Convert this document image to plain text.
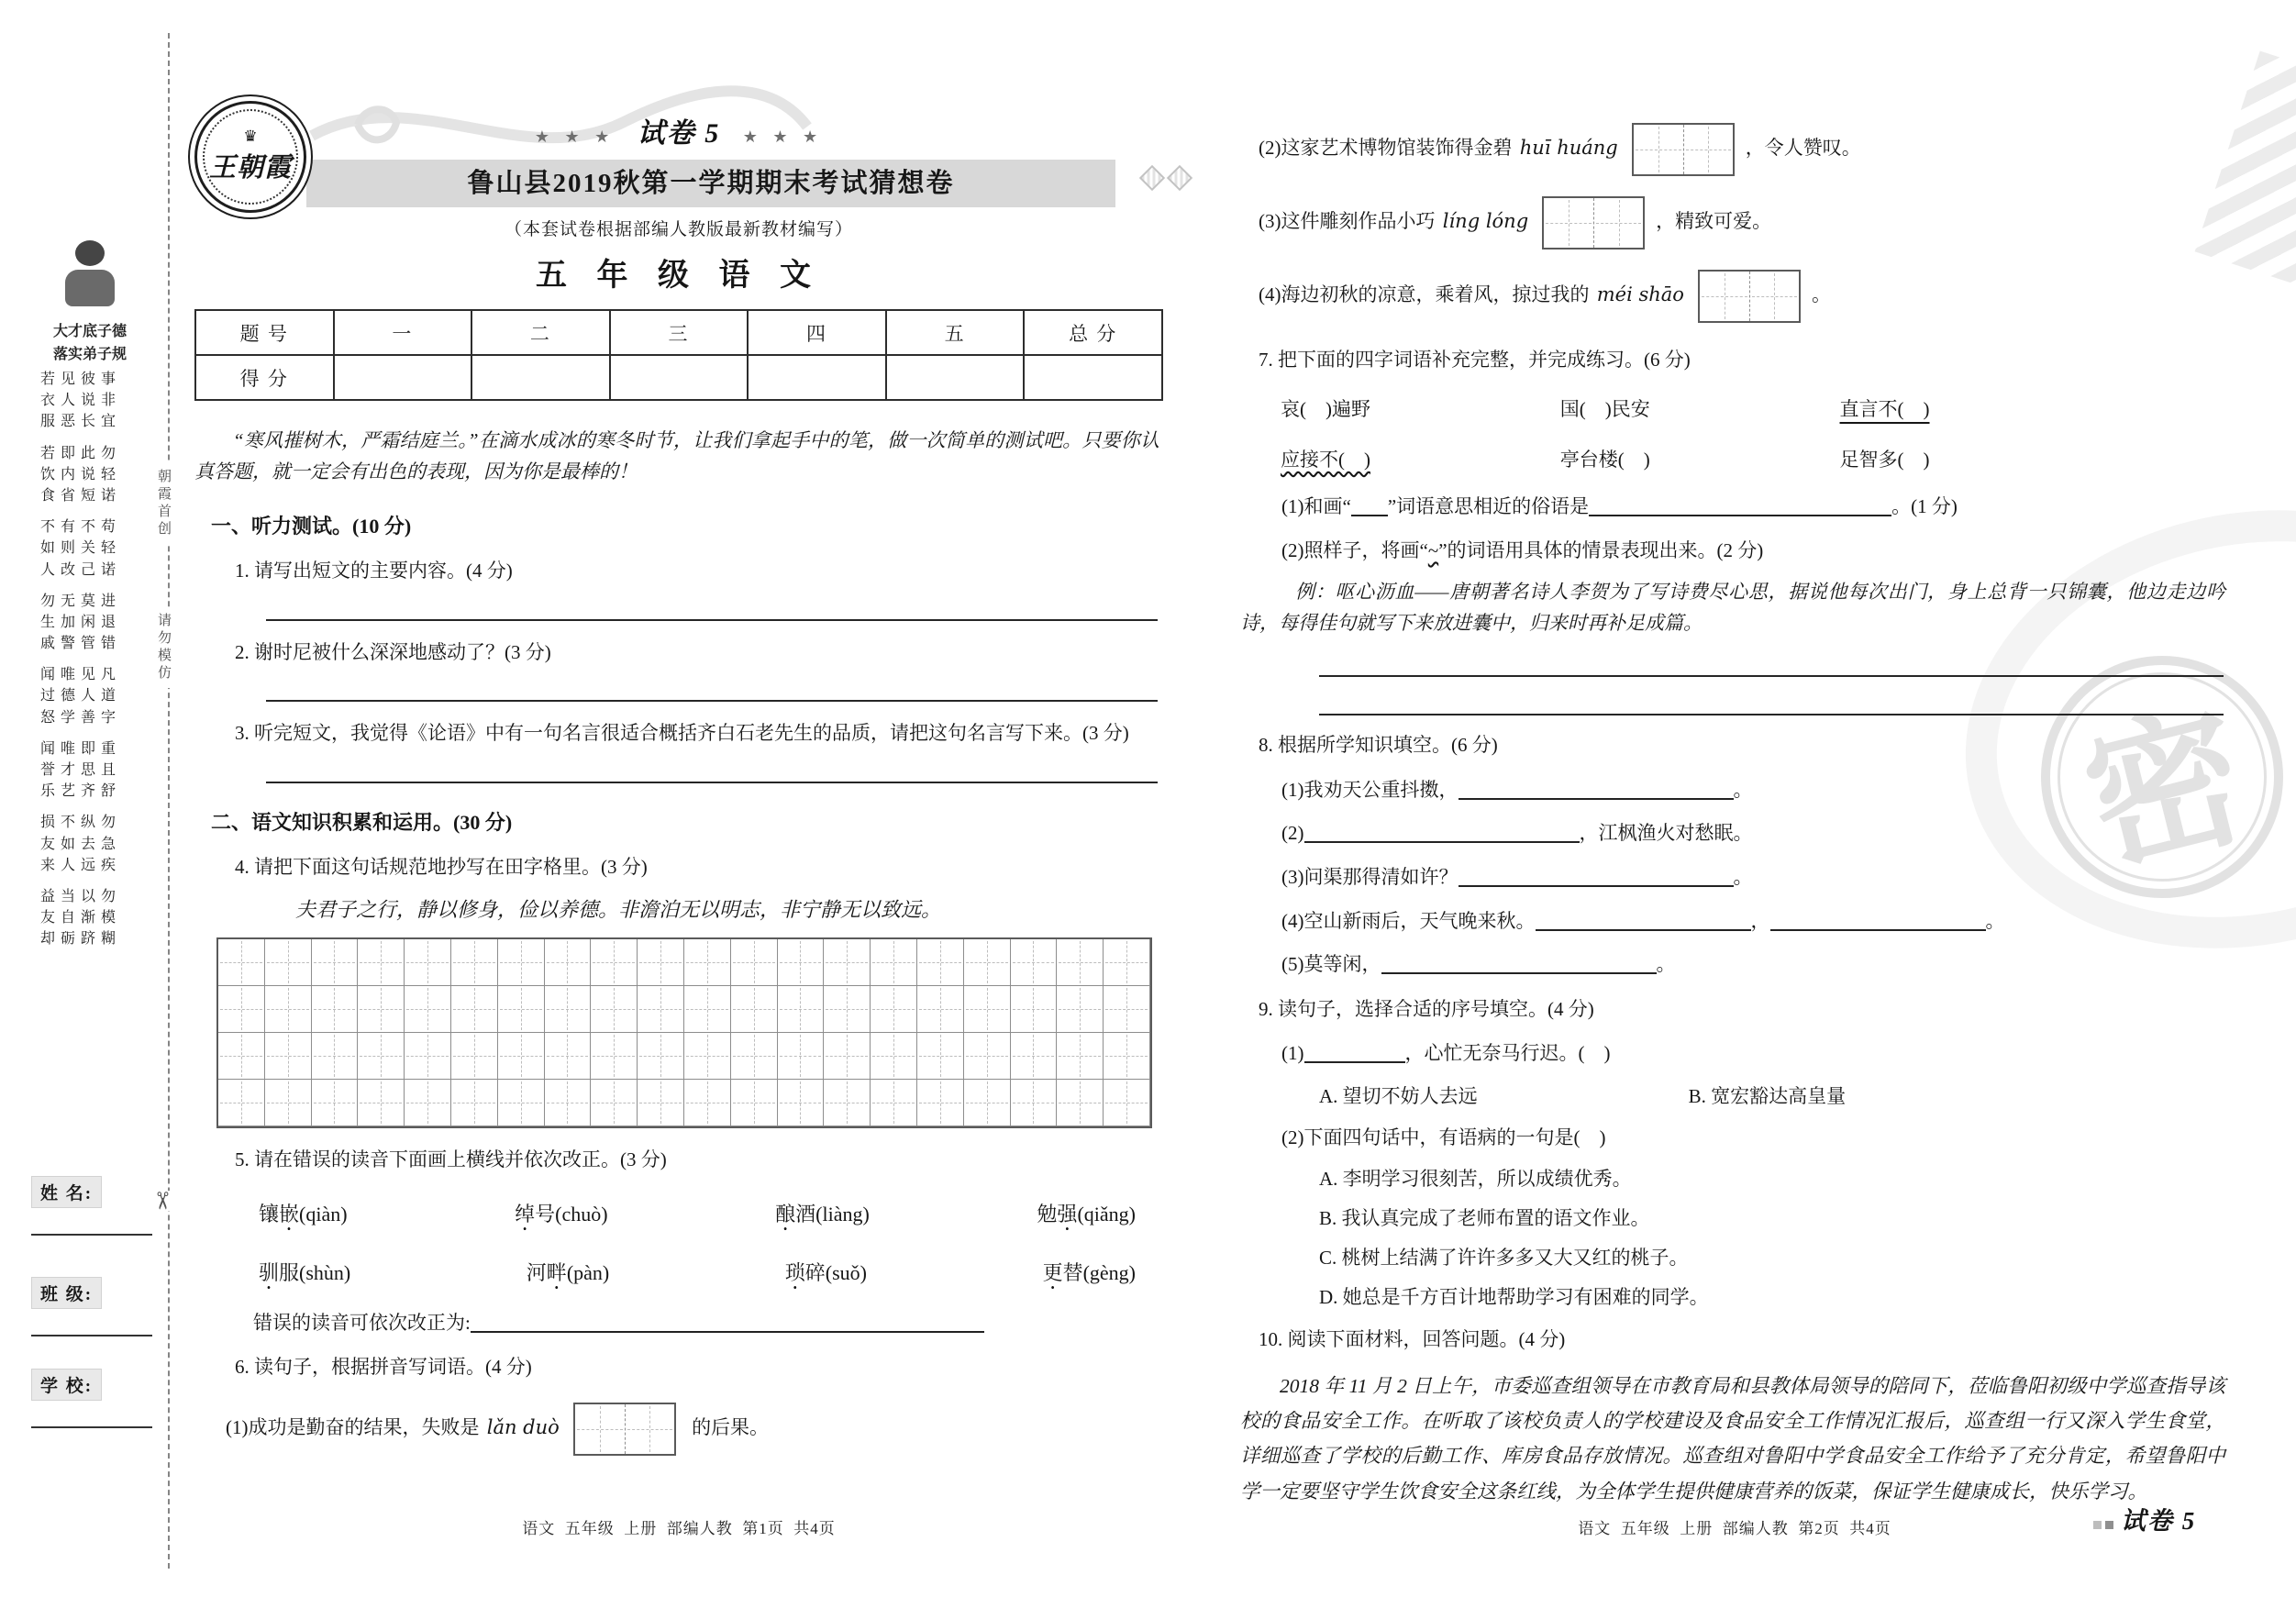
密
朝霞首创
请勿模仿
✂
♛
王朝霞
大才底子德
落实弟子规
若见彼事
衣人说非
服恶长宜
若即此勿
饮内说轻
食省短诺
不有不苟
如则关轻
人改己诺
勿无莫进
生加闲退
戚警管错
闻唯见凡
过德人道
怒学善字
闻唯即重
誉才思且
乐艺齐舒
损不纵勿
友如去急
来人远疾
益当以勿
友自渐模
却砺跻糊
姓 名:
班 级:
学 校:
★ ★ ★ 试卷 5 ★ ★ ★
鲁山县2019秋第一学期期末考试猜想卷
（本套试卷根据部编人教版最新教材编写）
五 年 级 语 文
题 号	一	二	三	四	五	总 分
得 分						

“寒风摧树木，严霜结庭兰。”在滴水成冰的寒冬时节，让我们拿起手中的笔，做一次简单的测试吧。只要你认真答题，就一定会有出色的表现，因为你是最棒的！

一、听力测试。(10 分)
1. 请写出短文的主要内容。(4 分)
2. 谢时尼被什么深深地感动了？(3 分)
3. 听完短文，我觉得《论语》中有一句名言很适合概括齐白石老先生的品质，请把这句名言写下来。(3 分)
二、语文知识积累和运用。(30 分)
4. 请把下面这句话规范地抄写在田字格里。(3 分)
夫君子之行，静以修身，俭以养德。非澹泊无以明志，非宁静无以致远。
5. 请在错误的读音下面画上横线并依次改正。(3 分)
镶嵌(qiàn)	绰号(chuò)	酿酒(liàng)	勉强(qiǎng)
驯服(shùn)	河畔(pàn)	琐碎(suǒ)	更替(gèng)
错误的读音可依次改正为:
6. 读句子，根据拼音写词语。(4 分)
(1)成功是勤奋的结果，失败是 lǎn duò	的后果。
(2)这家艺术博物馆装饰得金碧 huī huáng	，令人赞叹。
(3)这件雕刻作品小巧 líng lóng	，精致可爱。
(4)海边初秋的凉意，乘着风，掠过我的 méi shāo	。
7. 把下面的四字词语补充完整，并完成练习。(6 分)
哀(    )遍野	国(    )民安	直言不(    )
应接不(    )	亭台楼(    )	足智多(    )
(1)和画“ ”词语意思相近的俗语是	。(1 分)
(2)照样子，将画“~”的词语用具体的情景表现出来。(2 分)

例：呕心沥血——唐朝著名诗人李贺为了写诗费尽心思，据说他每次出门，身上总背一只锦囊，他边走边吟诗，每得佳句就写下来放进囊中，归来时再补足成篇。

8. 根据所学知识填空。(6 分)
(1)我劝天公重抖擞，	。
(2)	，江枫渔火对愁眠。
(3)问渠那得清如许？	。
(4)空山新雨后，天气晚来秋。	，	。
(5)莫等闲，	。
9. 读句子，选择合适的序号填空。(4 分)
(1)	，心忙无奈马行迟。(    )
A. 望切不妨人去远	B. 宽宏豁达高皇量
(2)下面四句话中，有语病的一句是(    )
A. 李明学习很刻苦，所以成绩优秀。
B. 我认真完成了老师布置的语文作业。
C. 桃树上结满了许许多多又大又红的桃子。
D. 她总是千方百计地帮助学习有困难的同学。
10. 阅读下面材料，回答问题。(4 分)

2018 年 11 月 2 日上午，市委巡查组领导在市教育局和县教体局领导的陪同下，莅临鲁阳初级中学巡查指导该校的食品安全工作。在听取了该校负责人的学校建设及食品安全工作情况汇报后，巡查组一行又深入学生食堂，详细巡查了学校的后勤工作、库房食品存放情况。巡查组对鲁阳中学食品安全工作给予了充分肯定，希望鲁阳中学一定要坚守学生饮食安全这条红线，为全体学生提供健康营养的饭菜，保证学生健康成长，快乐学习。

语文  五年级  上册  部编人教  第1页  共4页	语文  五年级  上册  部编人教  第2页  共4页	试卷 5
